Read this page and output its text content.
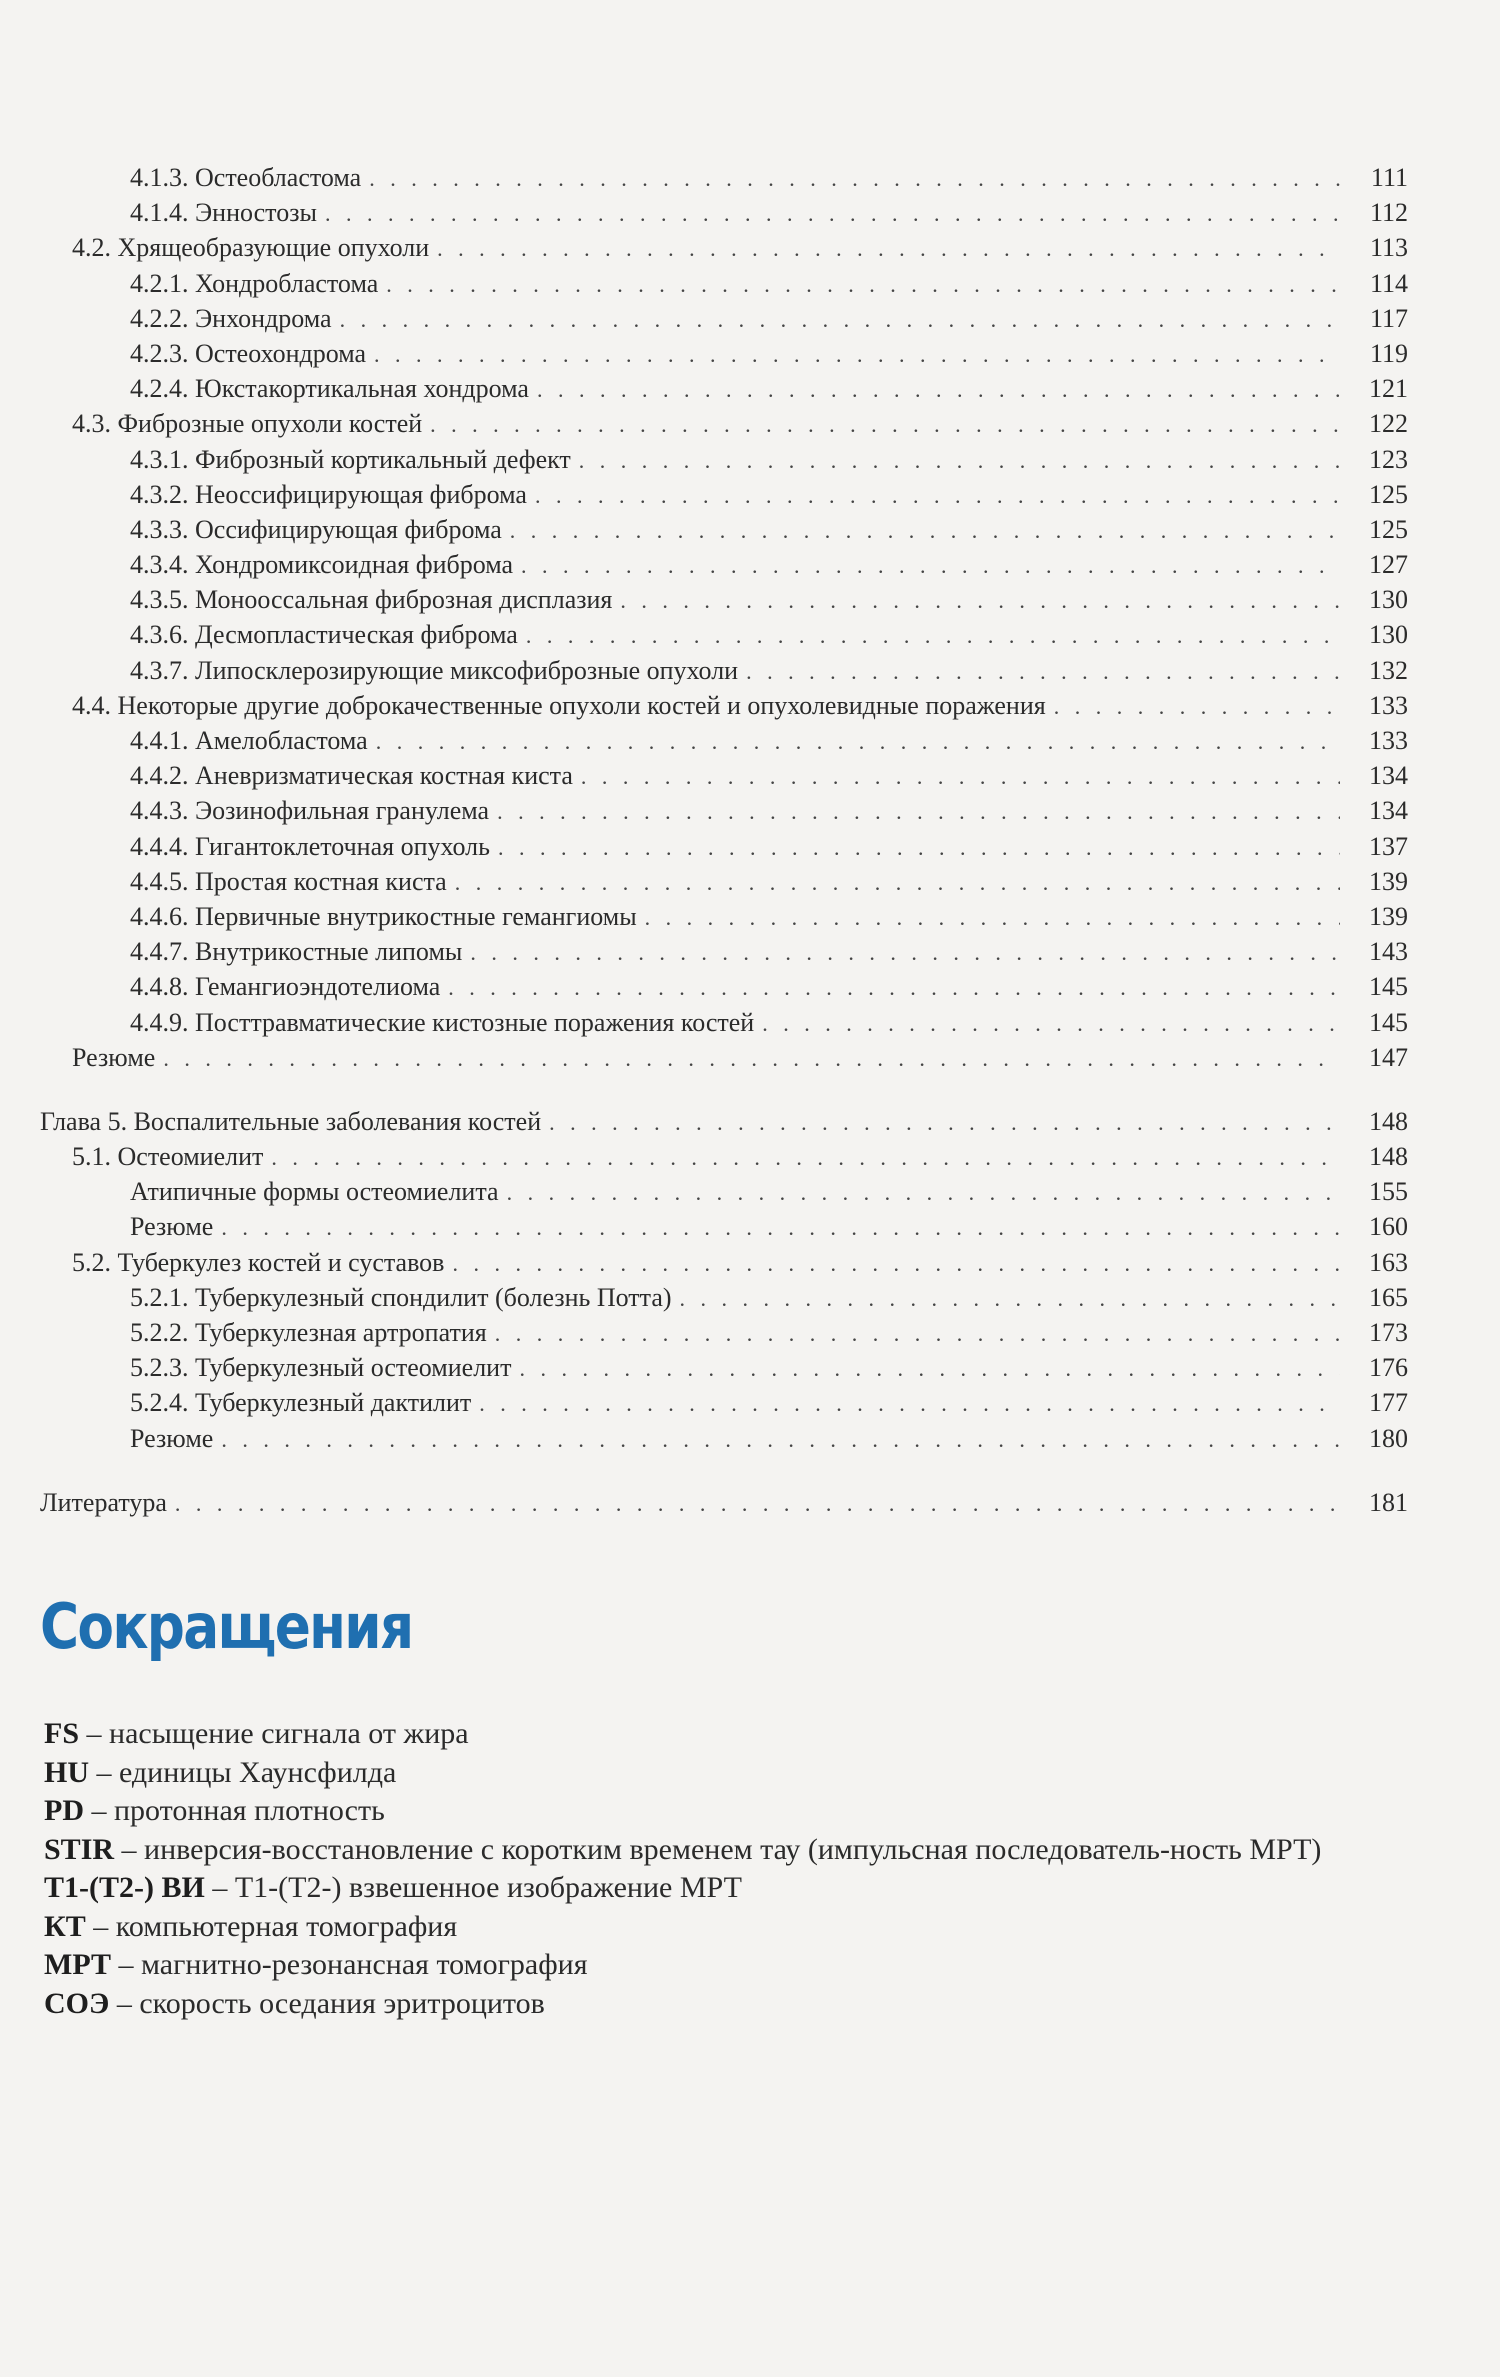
4.1.3. Остеобластома . . .	111
4.1.4. Энностозы . . .	112
4.2. Хрящеобразующие опухоли . . .	113
4.2.1. Хондробластома . . .	114
4.2.2. Энхондрома . . .	117
4.2.3. Остеохондрома . . .	119
4.2.4. Юкстакортикальная хондрома . . .	121
4.3. Фиброзные опухоли костей . . .	122
4.3.1. Фиброзный кортикальный дефект . . .	123
4.3.2. Неоссифицирующая фиброма . . .	125
4.3.3. Оссифицирующая фиброма . . .	125
4.3.4. Хондромиксоидная фиброма . . .	127
4.3.5. Монооссальная фиброзная дисплазия . . .	130
4.3.6. Десмопластическая фиброма . . .	130
4.3.7. Липосклерозирующие миксофиброзные опухоли . . .	132
4.4. Некоторые другие доброкачественные опухоли костей и опухолевидные поражения . . .	133
4.4.1. Амелобластома . . .	133
4.4.2. Аневризматическая костная киста . . .	134
4.4.3. Эозинофильная гранулема . . .	134
4.4.4. Гигантоклеточная опухоль . . .	137
4.4.5. Простая костная киста . . .	139
4.4.6. Первичные внутрикостные гемангиомы . . .	139
4.4.7. Внутрикостные липомы . . .	143
4.4.8. Гемангиоэндотелиома . . .	145
4.4.9. Посттравматические кистозные поражения костей . . .	145
Резюме . . .	147
Глава 5. Воспалительные заболевания костей . . .	148
5.1. Остеомиелит . . .	148
Атипичные формы остеомиелита . . .	155
Резюме . . .	160
5.2. Туберкулез костей и суставов . . .	163
5.2.1. Туберкулезный спондилит (болезнь Потта) . . .	165
5.2.2. Туберкулезная артропатия . . .	173
5.2.3. Туберкулезный остеомиелит . . .	176
5.2.4. Туберкулезный дактилит . . .	177
Резюме . . .	180
Литература . . .	181
Сокращения

FS – насыщение сигнала от жира

HU – единицы Хаунсфилда

PD – протонная плотность

STIR – инверсия-восстановление с коротким временем тау (импульсная последователь-ность МРТ)

T1-(T2-) ВИ – T1-(T2-) взвешенное изображение МРТ

КТ – компьютерная томография

МРТ – магнитно-резонансная томография

СОЭ – скорость оседания эритроцитов
